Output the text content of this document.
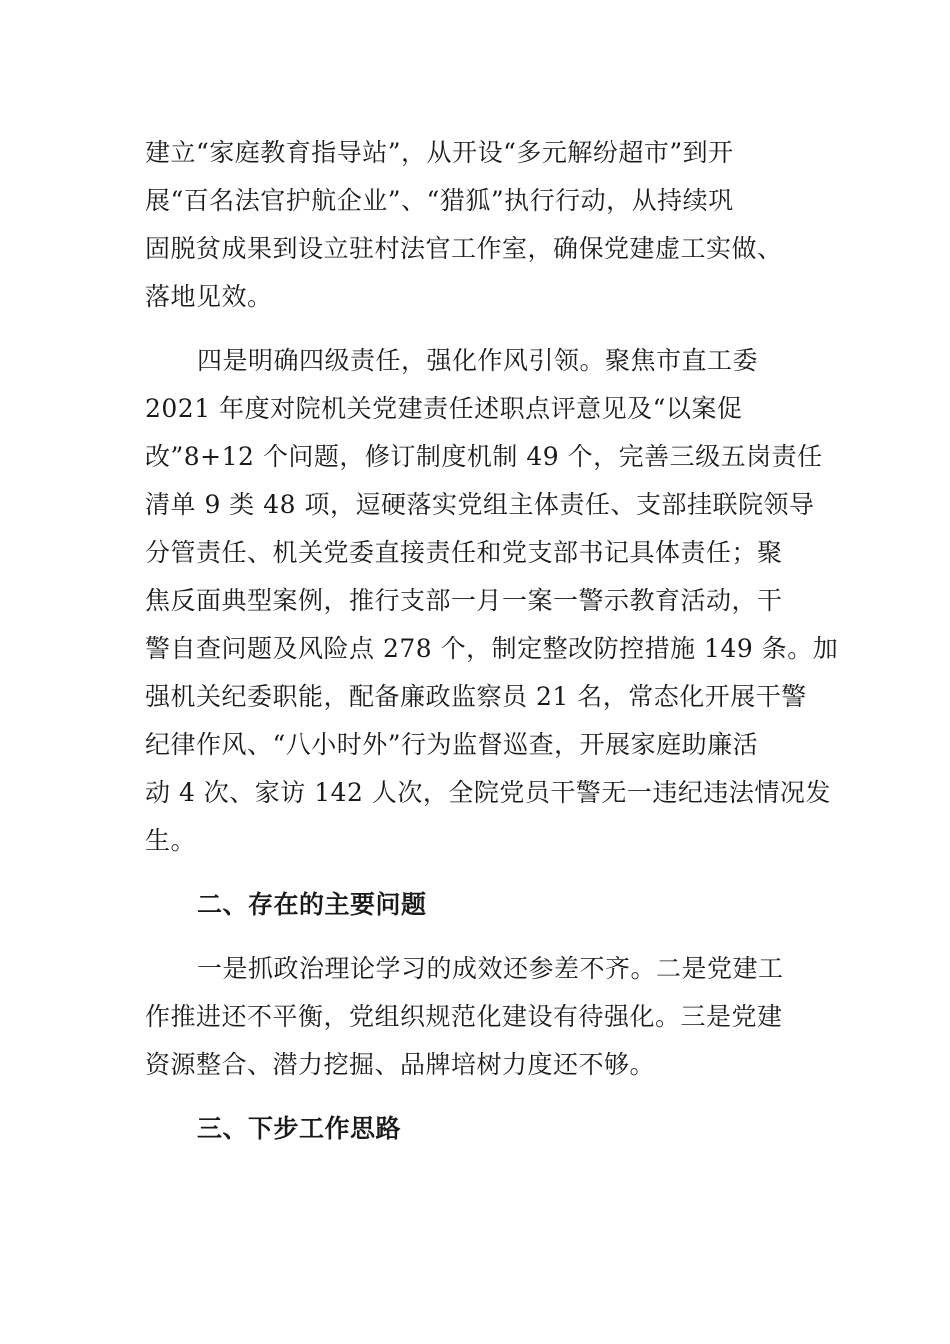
建立“家庭教育指导站”，从开设“多元解纷超市”到开

展“百名法官护航企业”、“猎狐”执行行动，从持续巩

固脱贫成果到设立驻村法官工作室，确保党建虚工实做、

落地见效。

四是明确四级责任，强化作风引领。聚焦市直工委

2021 年度对院机关党建责任述职点评意见及“以案促

改”8+12 个问题，修订制度机制 49 个，完善三级五岗责任

清单 9 类 48 项，逗硬落实党组主体责任、支部挂联院领导

分管责任、机关党委直接责任和党支部书记具体责任；聚

焦反面典型案例，推行支部一月一案一警示教育活动，干

警自查问题及风险点 278 个，制定整改防控措施 149 条。加

强机关纪委职能，配备廉政监察员 21 名，常态化开展干警

纪律作风、“八小时外”行为监督巡查，开展家庭助廉活

动 4 次、家访 142 人次，全院党员干警无一违纪违法情况发

生。

二、存在的主要问题

一是抓政治理论学习的成效还参差不齐。二是党建工

作推进还不平衡，党组织规范化建设有待强化。三是党建

资源整合、潜力挖掘、品牌培树力度还不够。

三、下步工作思路
